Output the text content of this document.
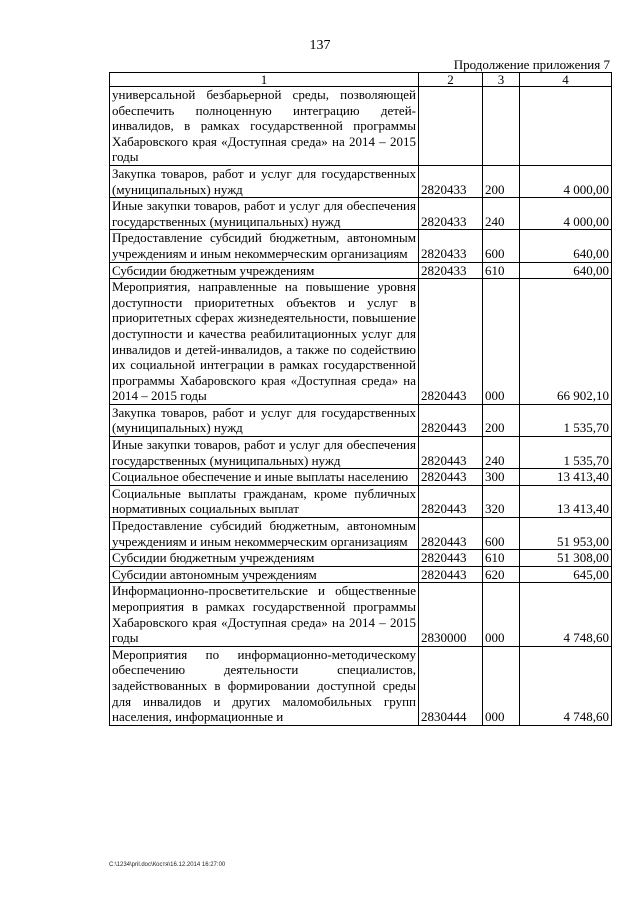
137
Продолжение приложения 7
1	2	3	4
универсальной безбарьерной среды, позволяющей обеспечить полноценную интеграцию детей-инвалидов, в рамках государственной программы Хабаровского края «Доступная среда» на 2014 – 2015 годы			
Закупка товаров, работ и услуг для государственных (муниципальных) нужд	2820433	200	4 000,00
Иные закупки товаров, работ и услуг для обеспечения государственных (муниципальных) нужд	2820433	240	4 000,00
Предоставление субсидий бюджетным, автономным учреждениям и иным некоммерческим организациям	2820433	600	640,00
Субсидии бюджетным учреждениям	2820433	610	640,00
Мероприятия, направленные на повышение уровня доступности приоритетных объектов и услуг в приоритетных сферах жизнедеятельности, повышение доступности и качества реабилитационных услуг для инвалидов и детей-инвалидов, а также по содействию их социальной интеграции в рамках государственной программы Хабаровского края «Доступная среда» на 2014 – 2015 годы	2820443	000	66 902,10
Закупка товаров, работ и услуг для государственных (муниципальных) нужд	2820443	200	1 535,70
Иные закупки товаров, работ и услуг для обеспечения государственных (муниципальных) нужд	2820443	240	1 535,70
Социальное обеспечение и иные выплаты населению	2820443	300	13 413,40
Социальные выплаты гражданам, кроме публичных нормативных социальных выплат	2820443	320	13 413,40
Предоставление субсидий бюджетным, автономным учреждениям и иным некоммерческим организациям	2820443	600	51 953,00
Субсидии бюджетным учреждениям	2820443	610	51 308,00
Субсидии автономным учреждениям	2820443	620	645,00
Информационно-просветительские и общественные мероприятия в рамках государственной программы Хабаровского края «Доступная среда» на 2014 – 2015 годы	2830000	000	4 748,60
Мероприятия по информационно-методическому обеспечению деятельности специалистов, задействованных в формировании доступной среды для инвалидов и других маломобильных групп населения, информационные и	2830444	000	4 748,60
C:\1234\pril.doc\Костя\16.12.2014 16:27:00
